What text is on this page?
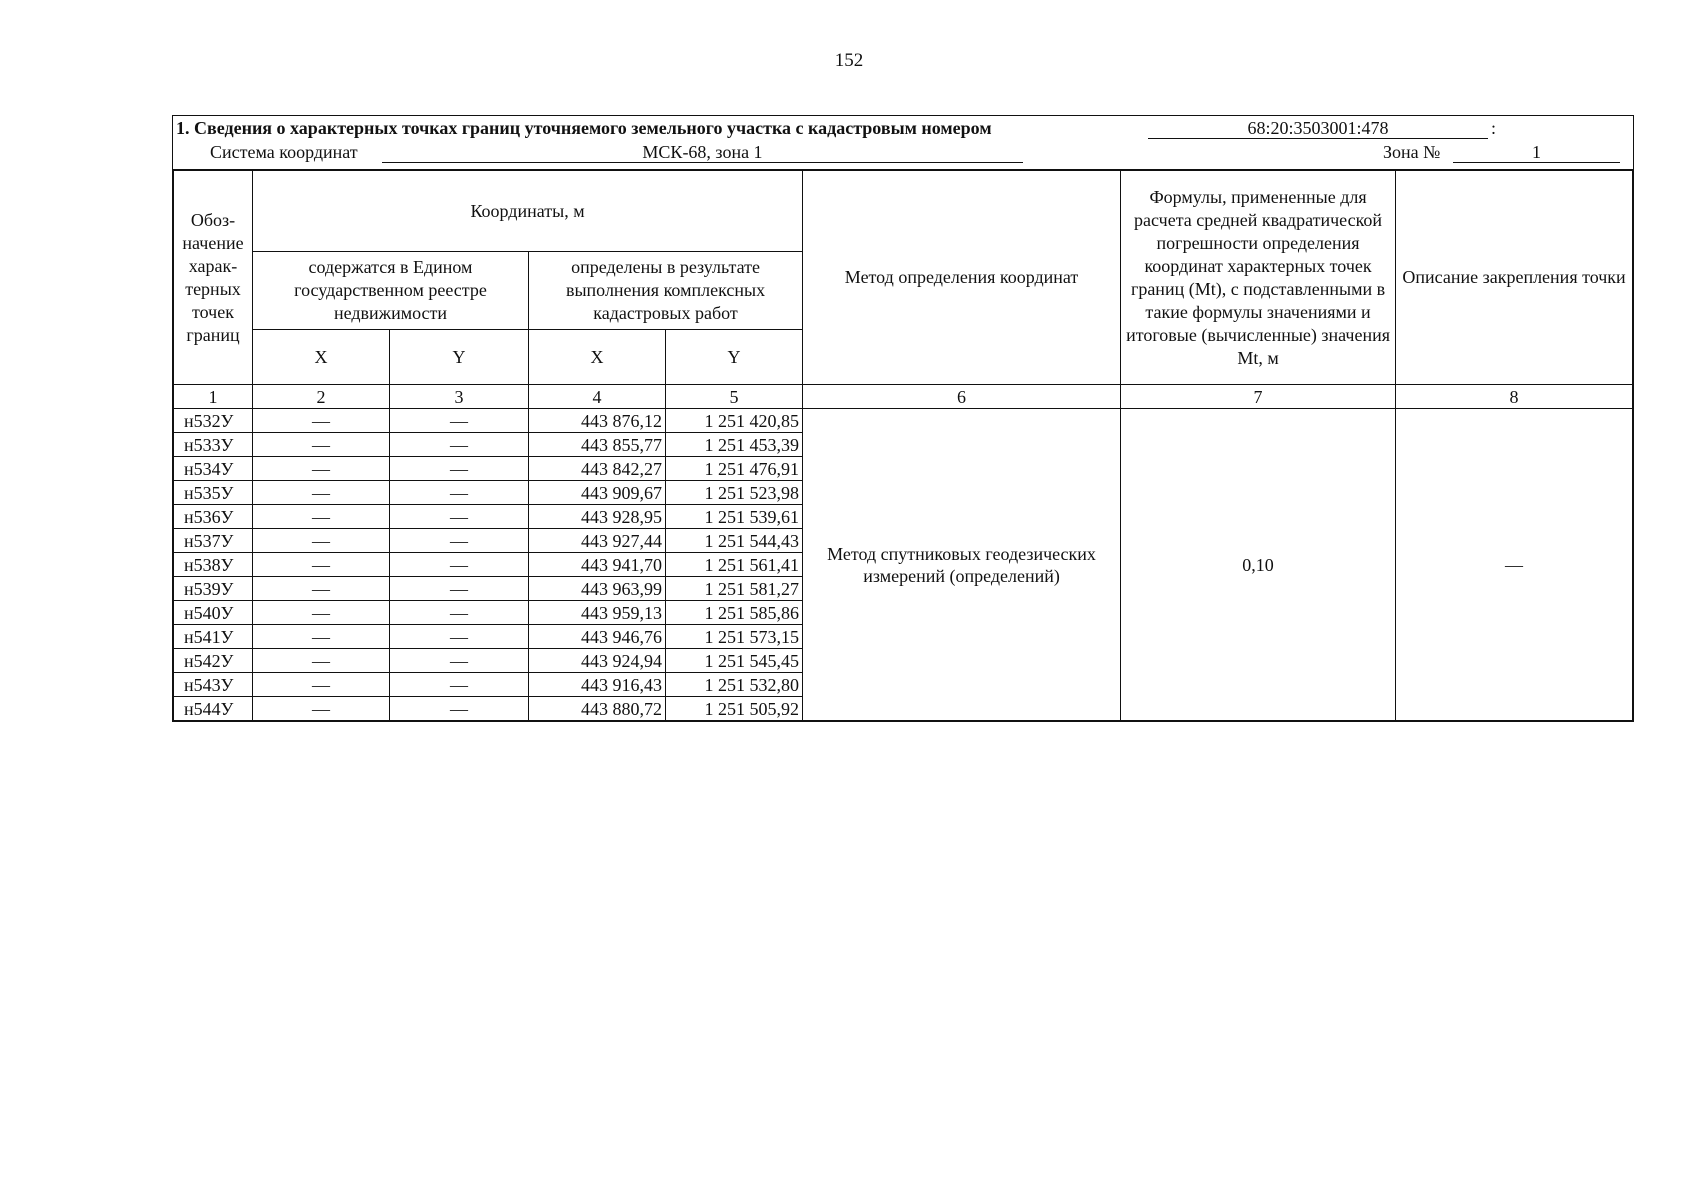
152
1. Сведения о характерных точках границ уточняемого земельного участка с кадастровым номером	68:20:3503001:478	:
Система координат	МСК-68, зона 1	Зона №	1
Обоз-начение харак-терных точек границ	Координаты, м				Метод определения координат	Формулы, примененные для расчета средней квадратической погрешности определения координат характерных точек границ (Mt), с подставленными в такие формулы значениями и итоговые (вычисленные) значения Mt, м	Описание закрепления точки
	содержатся в Едином государственном реестре недвижимости		определены в результате выполнения комплексных кадастровых работ				
	X	Y	X	Y			
1	2	3	4	5	6	7	8
н532У	—	—	443 876,12	1 251 420,85	Метод спутниковых геодезических измерений (определений)	0,10	—
н533У	—	—	443 855,77	1 251 453,39			
н534У	—	—	443 842,27	1 251 476,91			
н535У	—	—	443 909,67	1 251 523,98			
н536У	—	—	443 928,95	1 251 539,61			
н537У	—	—	443 927,44	1 251 544,43			
н538У	—	—	443 941,70	1 251 561,41			
н539У	—	—	443 963,99	1 251 581,27			
н540У	—	—	443 959,13	1 251 585,86			
н541У	—	—	443 946,76	1 251 573,15			
н542У	—	—	443 924,94	1 251 545,45			
н543У	—	—	443 916,43	1 251 532,80			
н544У	—	—	443 880,72	1 251 505,92			
